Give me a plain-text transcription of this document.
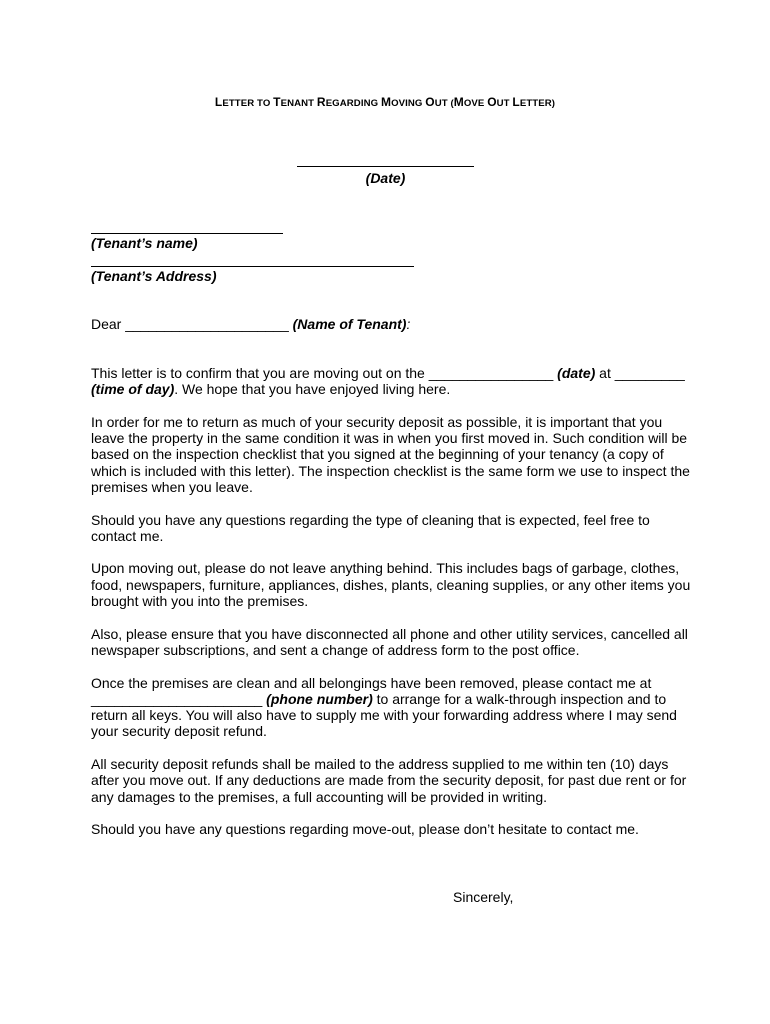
LETTER TO TENANT REGARDING MOVING OUT (MOVE OUT LETTER)
(Date)
(Tenant’s name)
(Tenant’s Address)

Dear _____________________ (Name of Tenant):

This letter is to confirm that you are moving out on the ________________ (date) at _________ (time of day). We hope that you have enjoyed living here.

In order for me to return as much of your security deposit as possible, it is important that you leave the property in the same condition it was in when you first moved in. Such condition will be based on the inspection checklist that you signed at the beginning of your tenancy (a copy of which is included with this letter). The inspection checklist is the same form we use to inspect the premises when you leave.

Should you have any questions regarding the type of cleaning that is expected, feel free to contact me.

Upon moving out, please do not leave anything behind. This includes bags of garbage, clothes, food, newspapers, furniture, appliances, dishes, plants, cleaning supplies, or any other items you brought with you into the premises.

Also, please ensure that you have disconnected all phone and other utility services, cancelled all newspaper subscriptions, and sent a change of address form to the post office.

Once the premises are clean and all belongings have been removed, please contact me at ______________________ (phone number) to arrange for a walk-through inspection and to return all keys. You will also have to supply me with your forwarding address where I may send your security deposit refund.

All security deposit refunds shall be mailed to the address supplied to me within ten (10) days after you move out. If any deductions are made from the security deposit, for past due rent or for any damages to the premises, a full accounting will be provided in writing.

Should you have any questions regarding move-out, please don’t hesitate to contact me.

Sincerely,
